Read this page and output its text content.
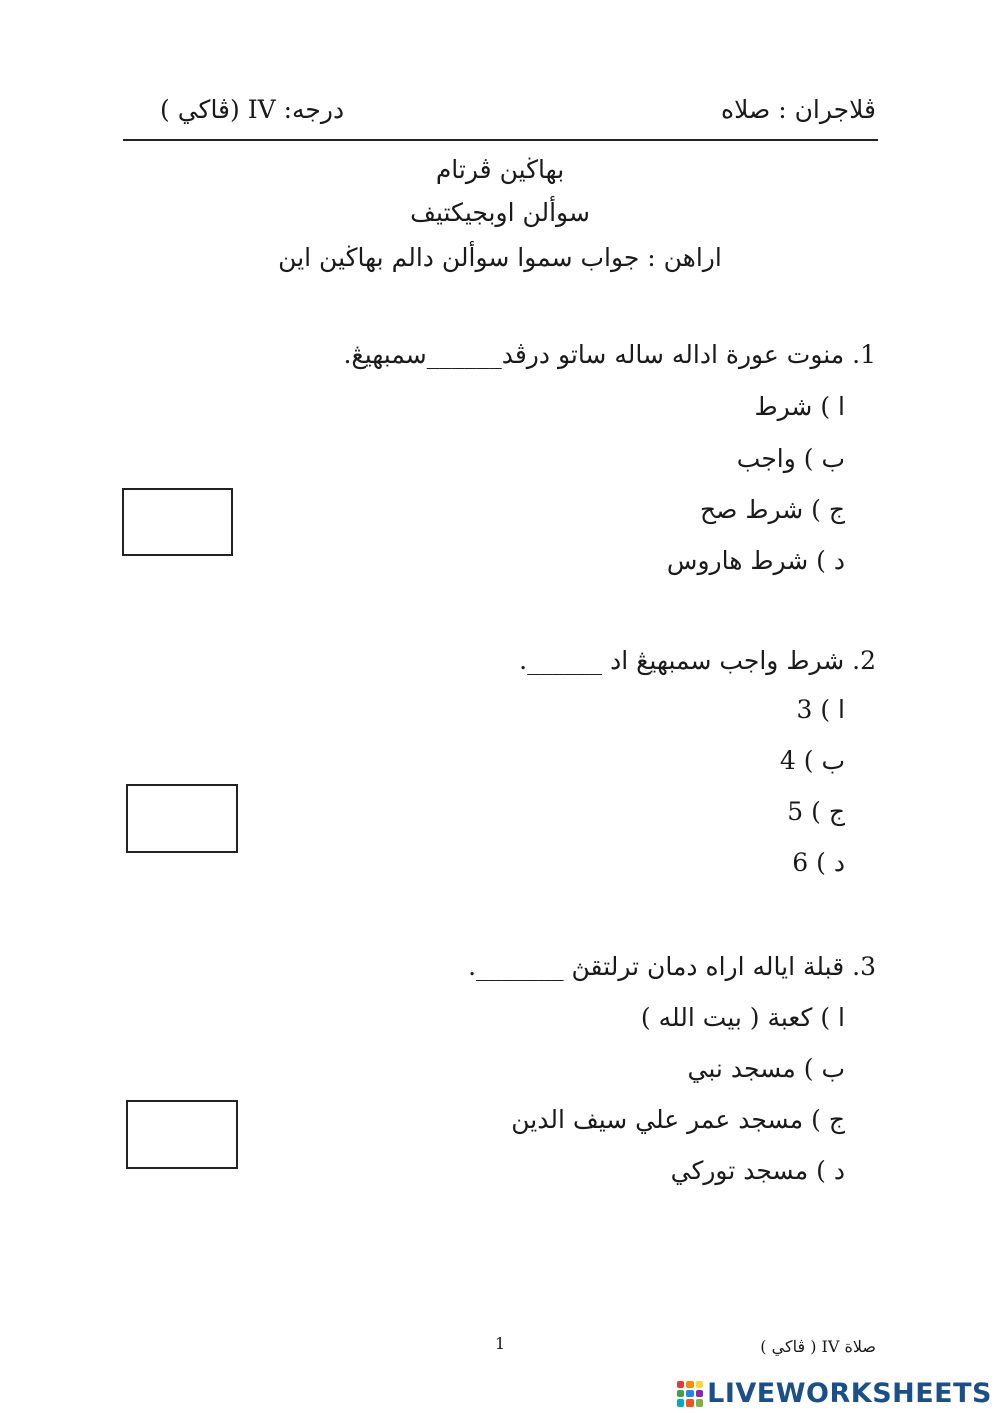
ڤلاجران : صلاه
درجه: IV (ڤاكي )
بهاڬين ڤرتام
سوألن اوبجيكتيف
اراهن : جواب سموا سوألن دالم بهاڬين اين
1. منوت عورة اداله ساله ساتو درڤد______سمبهيڠ.
ا ) شرط
ب ) واجب
ج ) شرط صح
د ) شرط هاروس
2. شرط واجب سمبهيڠ اد ______.
ا ) 3
ب ) 4
ج ) 5
د ) 6
3. قبلة اياله اراه دمان ترلتقڽ _______.
ا ) كعبة ( بيت الله )
ب ) مسجد نبي
ج ) مسجد عمر علي سيف الدين
د ) مسجد توركي
1	صلاة IV ( ڤاكي )
LIVEWORKSHEETS
